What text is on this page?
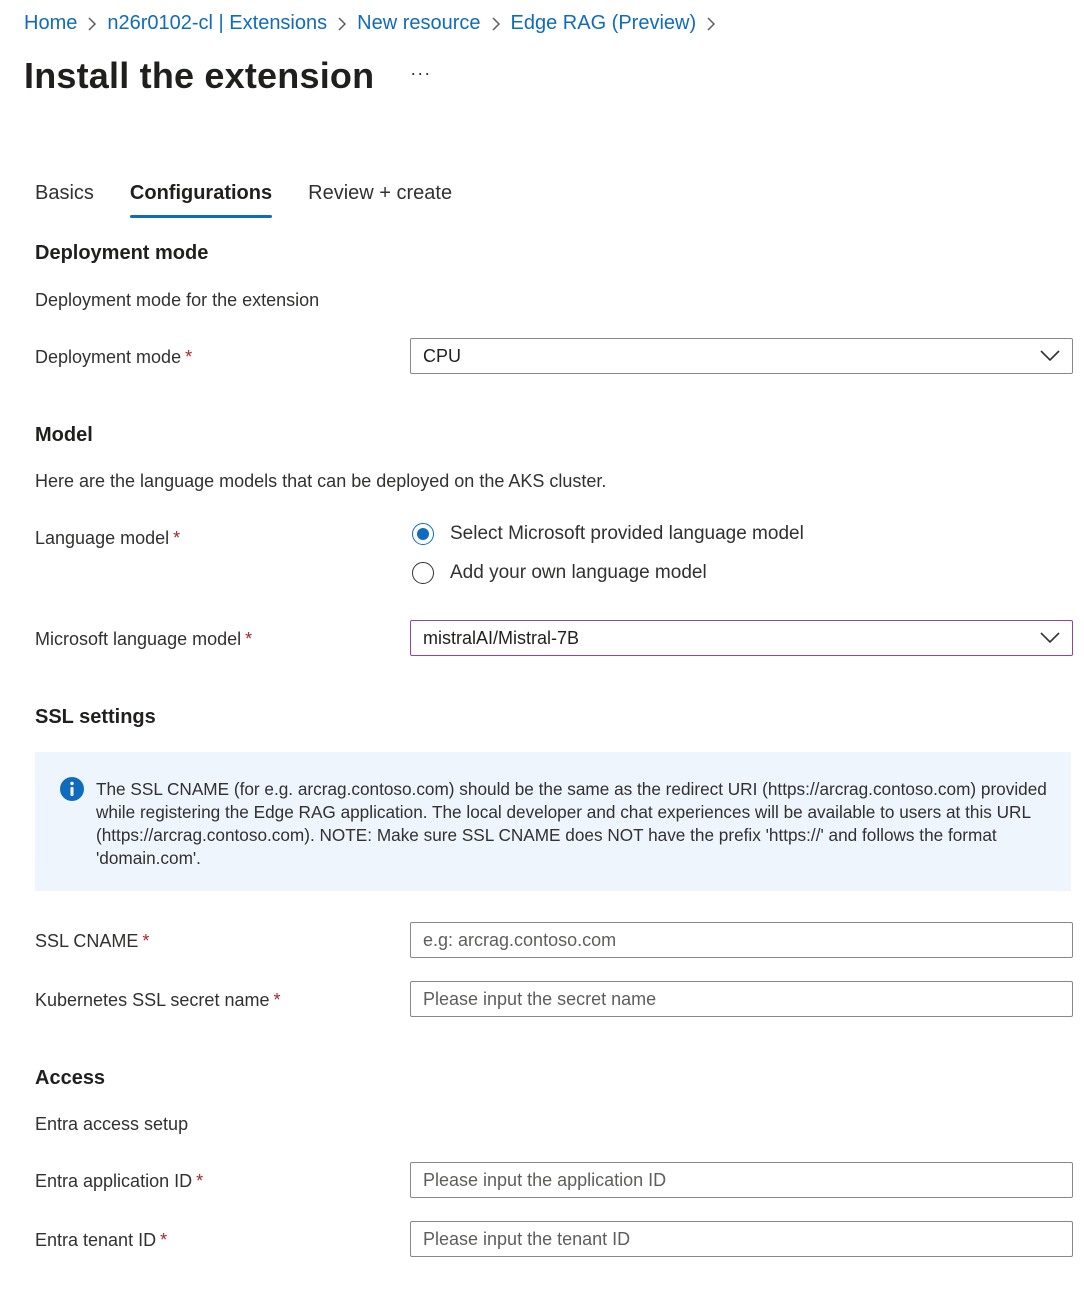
Home n26r0102-cl | Extensions New resource Edge RAG (Preview)
Install the extension ···
Basics Configurations Review + create
Deployment mode
Deployment mode for the extension
Deployment mode *	CPU
Model
Here are the language models that can be deployed on the AKS cluster.
Language model *	Select Microsoft provided language model
Add your own language model
Microsoft language model *	mistralAI/Mistral-7B
SSL settings
The SSL CNAME (for e.g. arcrag.contoso.com) should be the same as the redirect URI (https://arcrag.contoso.com) provided while registering the Edge RAG application. The local developer and chat experiences will be available to users at this URL (https://arcrag.contoso.com). NOTE: Make sure SSL CNAME does NOT have the prefix 'https://' and follows the format 'domain.com'.
SSL CNAME *
e.g: arcrag.contoso.com
Kubernetes SSL secret name *
Please input the secret name
Access
Entra access setup
Entra application ID *
Please input the application ID
Entra tenant ID *
Please input the tenant ID
